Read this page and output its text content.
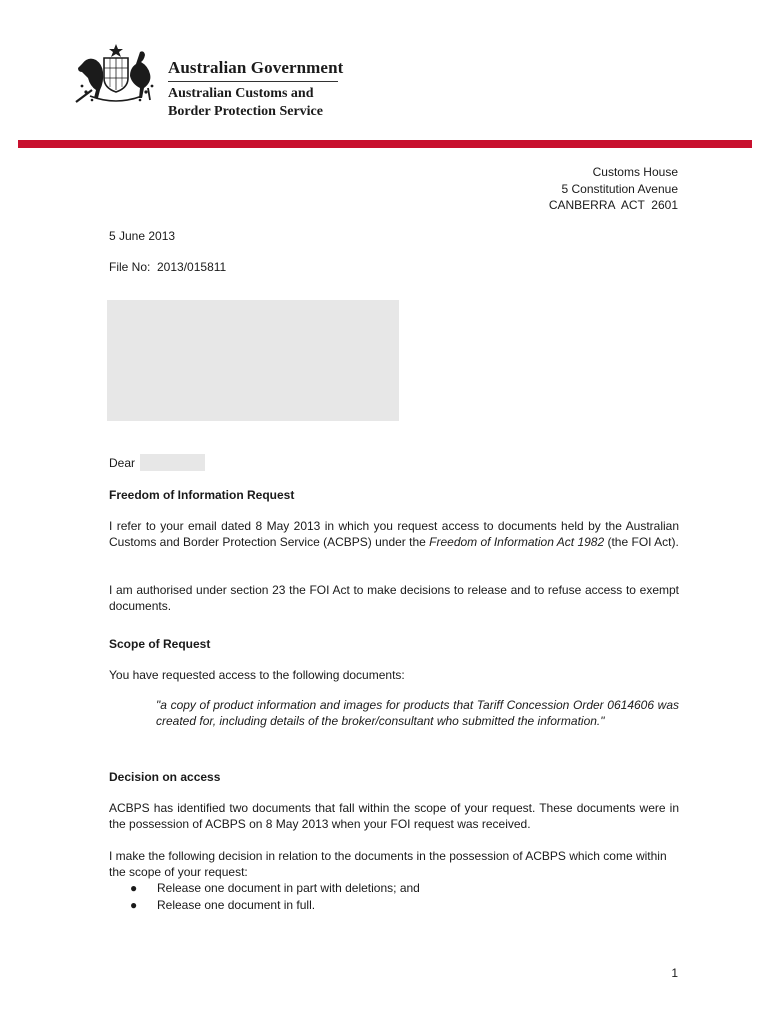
Australian Government
Australian Customs and
Border Protection Service
Customs House
5 Constitution Avenue
CANBERRA  ACT  2601
5 June 2013
File No:  2013/015811
Dear
Freedom of Information Request
I refer to your email dated 8 May 2013 in which you request access to documents held by the Australian Customs and Border Protection Service (ACBPS) under the Freedom of Information Act 1982 (the FOI Act).
I am authorised under section 23 the FOI Act to make decisions to release and to refuse access to exempt documents.
Scope of Request
You have requested access to the following documents:
"a copy of product information and images for products that Tariff Concession Order 0614606 was created for, including details of the broker/consultant who submitted the information."
Decision on access
ACBPS has identified two documents that fall within the scope of your request. These documents were in the possession of ACBPS on 8 May 2013 when your FOI request was received.
I make the following decision in relation to the documents in the possession of ACBPS which come within the scope of your request:
● Release one document in part with deletions; and
● Release one document in full.
1
